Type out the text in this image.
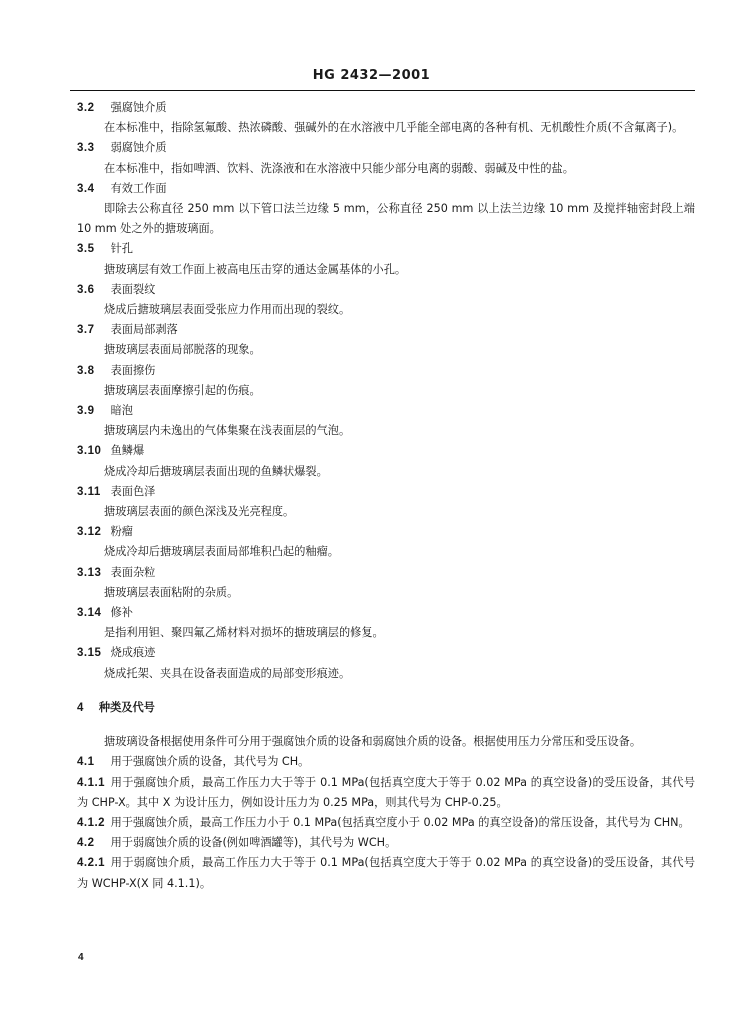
HG 2432—2001
3.2 强腐蚀介质
在本标准中，指除氢氟酸、热浓磷酸、强碱外的在水溶液中几乎能全部电离的各种有机、无机酸性介质(不含氟离子)。
3.3 弱腐蚀介质
在本标准中，指如啤酒、饮料、洗涤液和在水溶液中只能少部分电离的弱酸、弱碱及中性的盐。
3.4 有效工作面
即除去公称直径 250 mm 以下管口法兰边缘 5 mm，公称直径 250 mm 以上法兰边缘 10 mm 及搅拌轴密封段上端 10 mm 处之外的搪玻璃面。
3.5 针孔
搪玻璃层有效工作面上被高电压击穿的通达金属基体的小孔。
3.6 表面裂纹
烧成后搪玻璃层表面受张应力作用而出现的裂纹。
3.7 表面局部剥落
搪玻璃层表面局部脱落的现象。
3.8 表面擦伤
搪玻璃层表面摩擦引起的伤痕。
3.9 暗泡
搪玻璃层内未逸出的气体集聚在浅表面层的气泡。
3.10 鱼鳞爆
烧成冷却后搪玻璃层表面出现的鱼鳞状爆裂。
3.11 表面色泽
搪玻璃层表面的颜色深浅及光亮程度。
3.12 粉瘤
烧成冷却后搪玻璃层表面局部堆积凸起的釉瘤。
3.13 表面杂粒
搪玻璃层表面粘附的杂质。
3.14 修补
是指利用钽、聚四氟乙烯材料对损坏的搪玻璃层的修复。
3.15 烧成痕迹
烧成托架、夹具在设备表面造成的局部变形痕迹。
4 种类及代号
搪玻璃设备根据使用条件可分用于强腐蚀介质的设备和弱腐蚀介质的设备。根据使用压力分常压和受压设备。
4.1 用于强腐蚀介质的设备，其代号为 CH。
4.1.1 用于强腐蚀介质，最高工作压力大于等于 0.1 MPa(包括真空度大于等于 0.02 MPa 的真空设备)的受压设备，其代号为 CHP-X。其中 X 为设计压力，例如设计压力为 0.25 MPa，则其代号为 CHP-0.25。
4.1.2 用于强腐蚀介质，最高工作压力小于 0.1 MPa(包括真空度小于 0.02 MPa 的真空设备)的常压设备，其代号为 CHN。
4.2 用于弱腐蚀介质的设备(例如啤酒罐等)，其代号为 WCH。
4.2.1 用于弱腐蚀介质，最高工作压力大于等于 0.1 MPa(包括真空度大于等于 0.02 MPa 的真空设备)的受压设备，其代号为 WCHP-X(X 同 4.1.1)。
4
